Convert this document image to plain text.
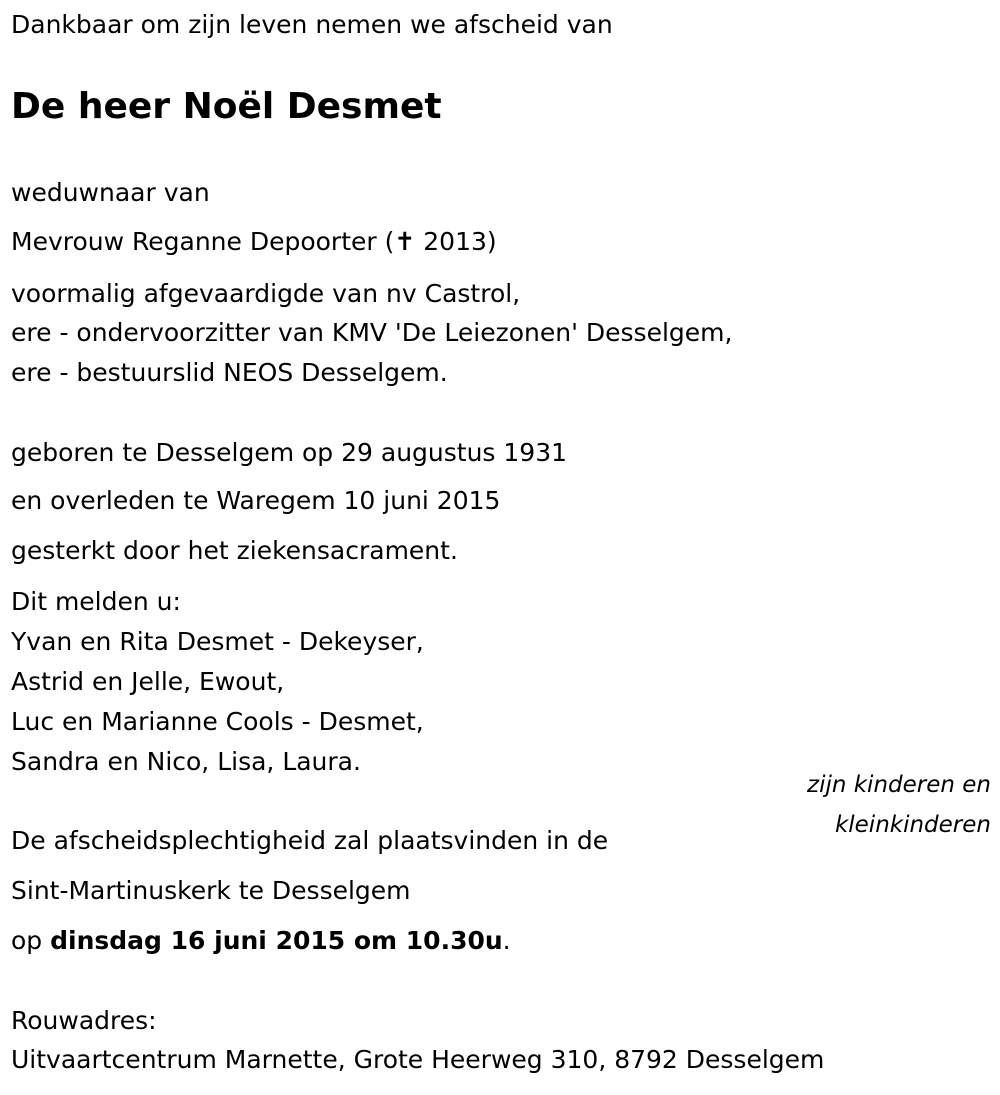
Dankbaar om zijn leven nemen we afscheid van

De heer Noël Desmet

weduwnaar van

Mevrouw Reganne Depoorter (✝ 2013)

voormalig afgevaardigde van nv Castrol,

ere - ondervoorzitter van KMV 'De Leiezonen' Desselgem,

ere - bestuurslid NEOS Desselgem.

geboren te Desselgem op 29 augustus 1931

en overleden te Waregem 10 juni 2015

gesterkt door het ziekensacrament.

Dit melden u:

Yvan en Rita Desmet - Dekeyser,

Astrid en Jelle, Ewout,

Luc en Marianne Cools - Desmet,

Sandra en Nico, Lisa, Laura.

zijn kinderen en

kleinkinderen

De afscheidsplechtigheid zal plaatsvinden in de

Sint-Martinuskerk te Desselgem

op dinsdag 16 juni 2015 om 10.30u.

Rouwadres:

Uitvaartcentrum Marnette, Grote Heerweg 310, 8792 Desselgem
